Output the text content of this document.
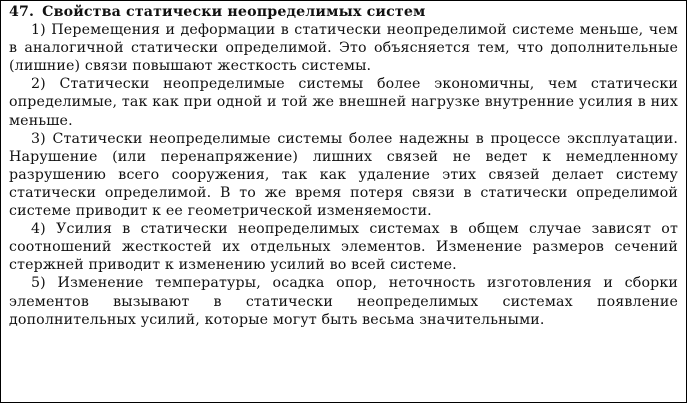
47. Свойства статически неопределимых систем

1) Перемещения и деформации в статически неопределимой системе меньше, чем в аналогичной статически определимой. Это объясняется тем, что дополнительные (лишние) связи повышают жесткость системы.

2) Статически неопределимые системы более экономичны, чем статически определимые, так как при одной и той же внешней нагрузке внутренние усилия в них меньше.

3) Статически неопределимые системы более надежны в процессе эксплуатации. Нарушение (или перенапряжение) лишних связей не ведет к немедленному разрушению всего сооружения, так как удаление этих связей делает систему статически определимой. В то же время потеря связи в статически определимой системе приводит к ее геометрической изменяемости.

4) Усилия в статически неопределимых системах в общем случае зависят от соотношений жесткостей их отдельных элементов. Изменение размеров сечений стержней приводит к изменению усилий во всей системе.

5) Изменение температуры, осадка опор, неточность изготовления и сборки элементов вызывают в статически неопределимых системах появление дополнительных усилий, которые могут быть весьма значительными.
